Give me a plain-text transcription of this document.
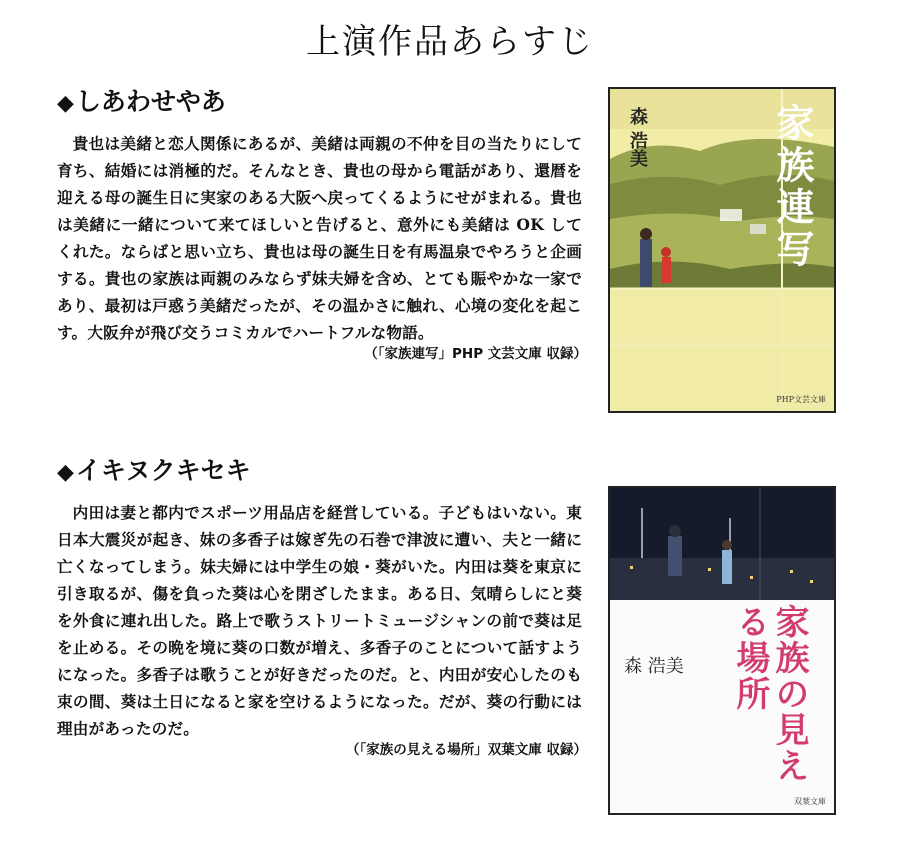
上演作品あらすじ
◆しあわせやあ

貴也は美緒と恋人関係にあるが、美緒は両親の不仲を目の当たりにして育ち、結婚には消極的だ。そんなとき、貴也の母から電話があり、還暦を迎える母の誕生日に実家のある大阪へ戻ってくるようにせがまれる。貴也は美緒に一緒について来てほしいと告げると、意外にも美緒は OK してくれた。ならばと思い立ち、貴也は母の誕生日を有馬温泉でやろうと企画する。貴也の家族は両親のみならず妹夫婦を含め、とても賑やかな一家であり、最初は戸惑う美緒だったが、その温かさに触れ、心境の変化を起こす。大阪弁が飛び交うコミカルでハートフルな物語。

（「家族連写」PHP 文芸文庫 収録）
家族連写
森 浩美
PHP文芸文庫
◆イキヌクキセキ

内田は妻と都内でスポーツ用品店を経営している。子どもはいない。東日本大震災が起き、妹の多香子は嫁ぎ先の石巻で津波に遭い、夫と一緒に亡くなってしまう。妹夫婦には中学生の娘・葵がいた。内田は葵を東京に引き取るが、傷を負った葵は心を閉ざしたまま。ある日、気晴らしにと葵を外食に連れ出した。路上で歌うストリートミュージシャンの前で葵は足を止める。その晩を境に葵の口数が増え、多香子のことについて話すようになった。多香子は歌うことが好きだったのだ。と、内田が安心したのも束の間、葵は土日になると家を空けるようになった。だが、葵の行動には理由があったのだ。

（「家族の見える場所」双葉文庫 収録）	家族の見える場所
森 浩美
双葉文庫
